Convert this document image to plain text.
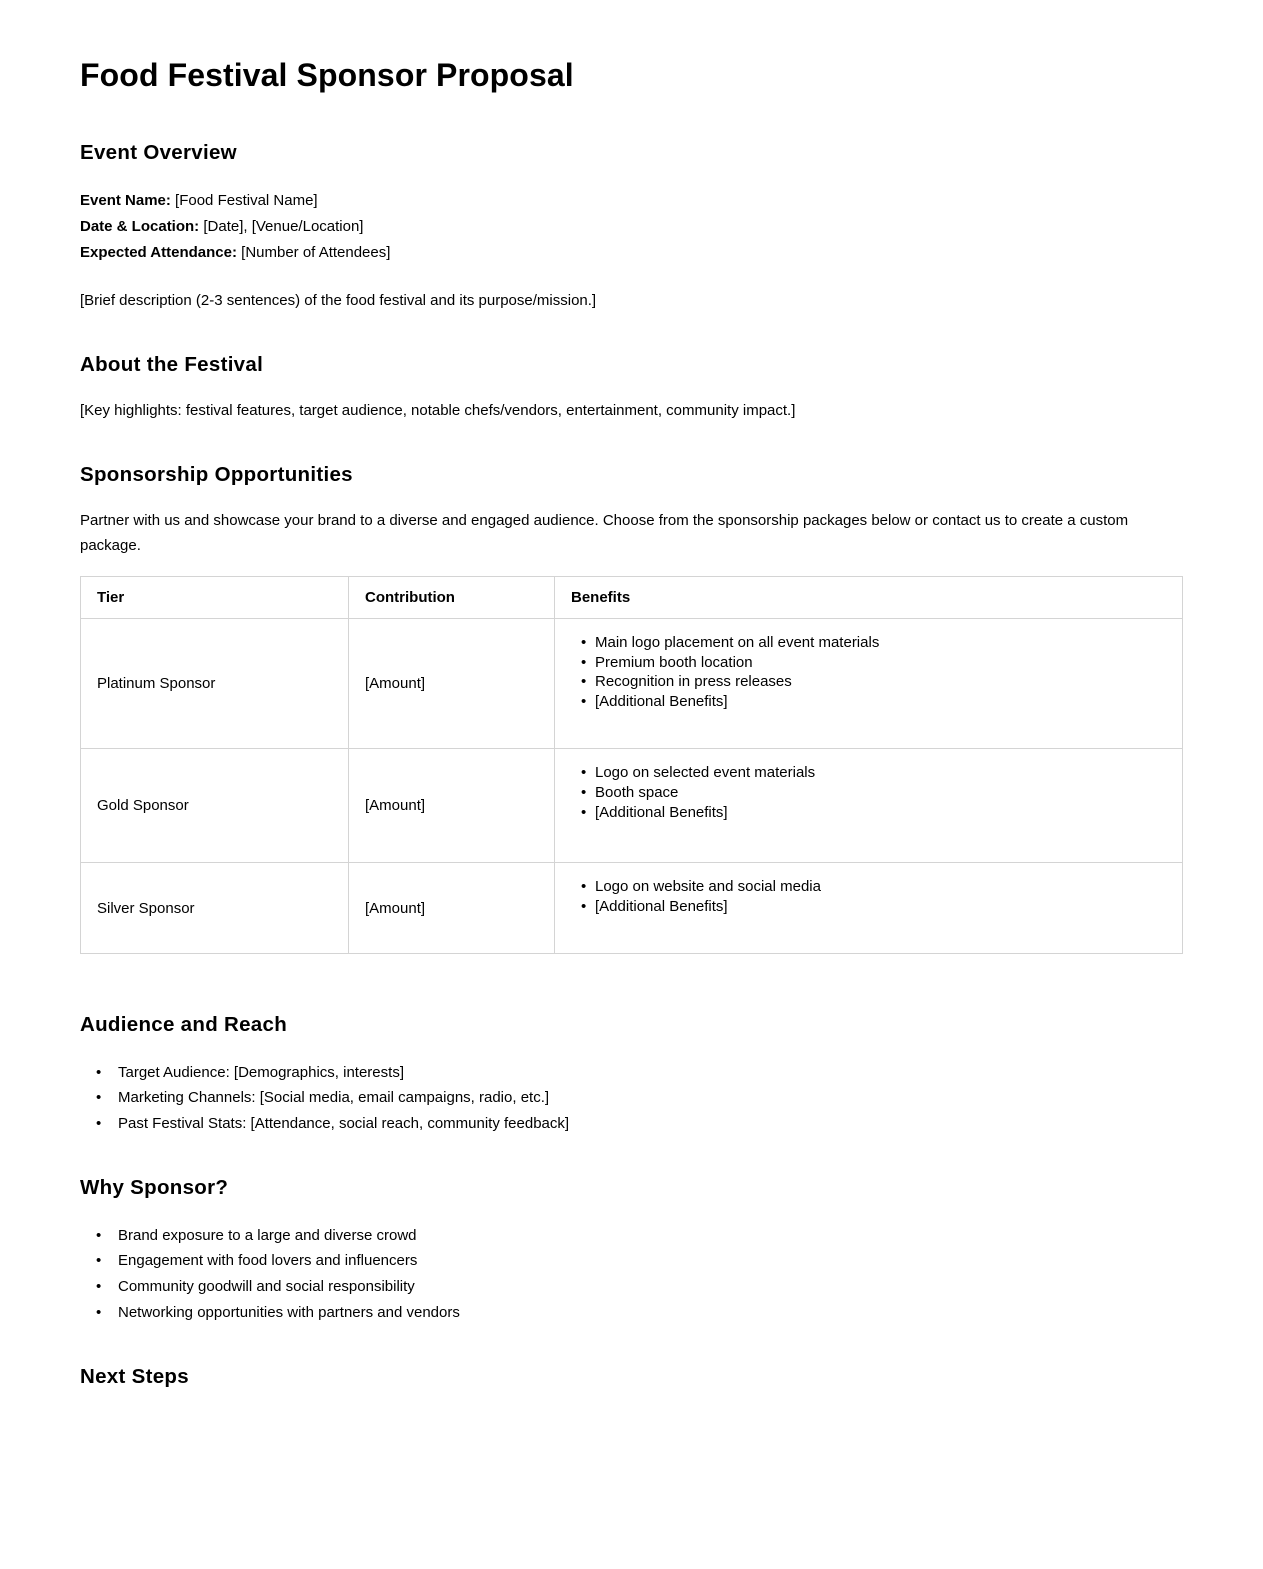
Food Festival Sponsor Proposal
Event Overview
Event Name: [Food Festival Name]
Date & Location: [Date], [Venue/Location]
Expected Attendance: [Number of Attendees]

[Brief description (2-3 sentences) of the food festival and its purpose/mission.]

About the Festival

[Key highlights: festival features, target audience, notable chefs/vendors, entertainment, community impact.]

Sponsorship Opportunities

Partner with us and showcase your brand to a diverse and engaged audience. Choose from the sponsorship packages below or contact us to create a custom package.

Tier	Contribution	Benefits
Platinum Sponsor	[Amount]	
• Main logo placement on all event materials
• Premium booth location
• Recognition in press releases
• [Additional Benefits]

Gold Sponsor	[Amount]	
• Logo on selected event materials
• Booth space
• [Additional Benefits]

Silver Sponsor	[Amount]	
• Logo on website and social media
• [Additional Benefits]
Audience and Reach
• Target Audience: [Demographics, interests]
• Marketing Channels: [Social media, email campaigns, radio, etc.]
• Past Festival Stats: [Attendance, social reach, community feedback]
Why Sponsor?
• Brand exposure to a large and diverse crowd
• Engagement with food lovers and influencers
• Community goodwill and social responsibility
• Networking opportunities with partners and vendors
Next Steps
